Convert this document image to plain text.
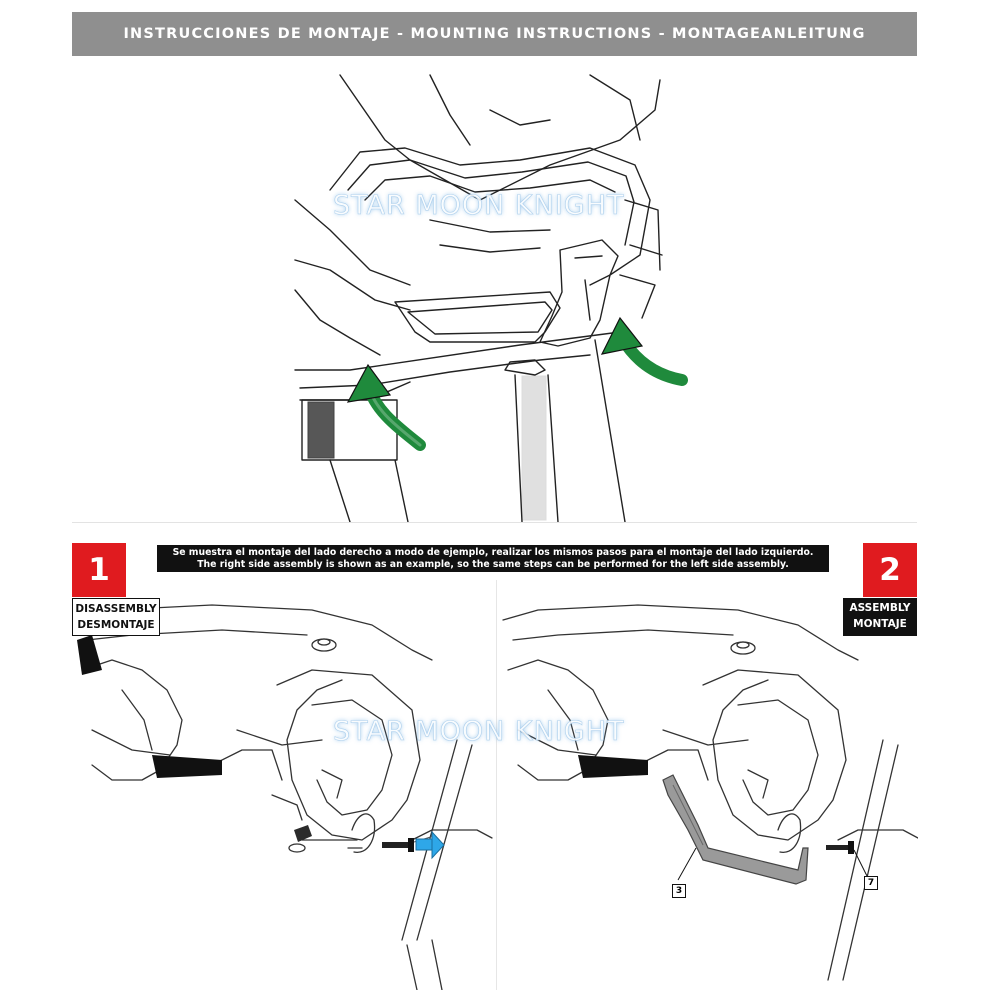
INSTRUCCIONES DE MONTAJE - MOUNTING INSTRUCTIONS - MONTAGEANLEITUNG
STAR MOON KNIGHT
Se muestra el montaje del lado derecho a modo de ejemplo, realizar los mismos pasos para el montaje del lado izquierdo.
The right side assembly is shown as an example, so the same steps can be performed for the left side assembly.
1
DISASSEMBLY
DESMONTAJE
2
ASSEMBLY
MONTAJE
STAR MOON KNIGHT
3
7
